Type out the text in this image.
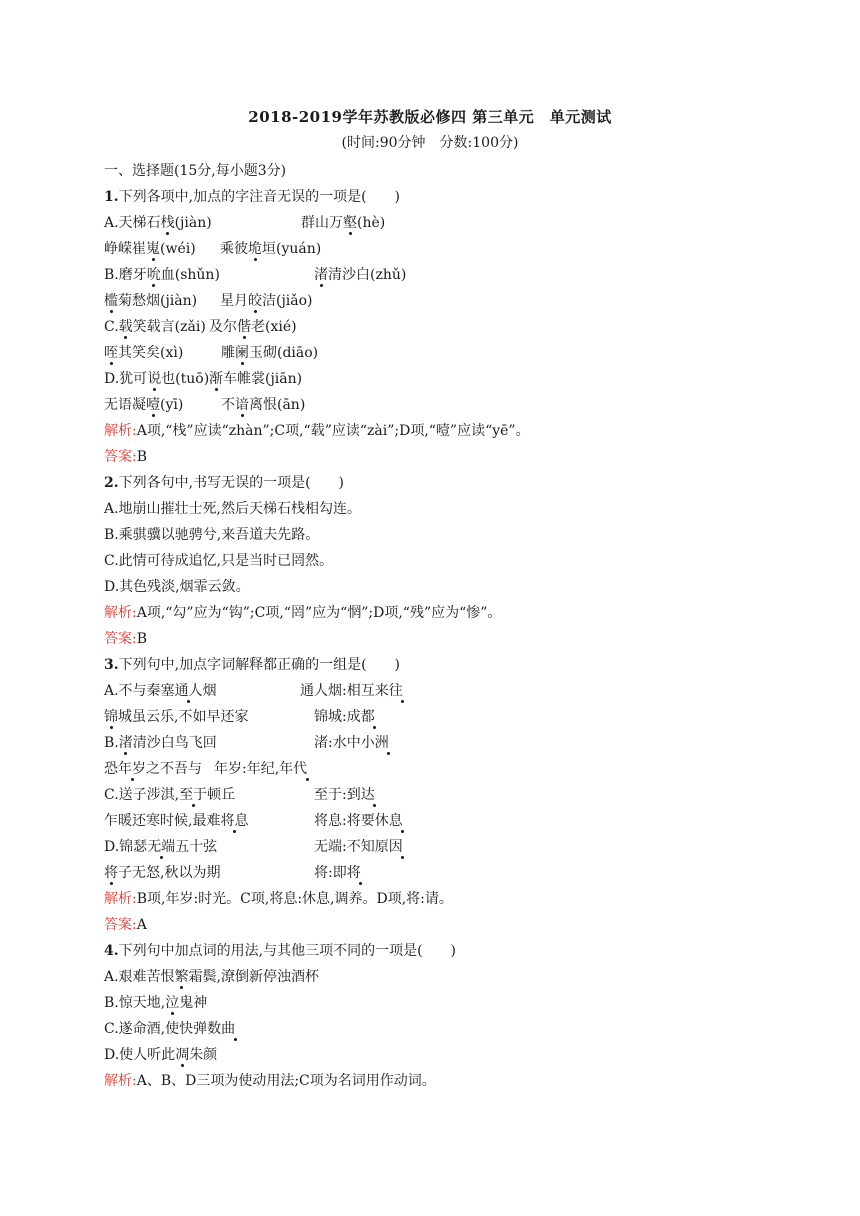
2018-2019学年苏教版必修四 第三单元　单元测试
(时间:90分钟　分数:100分)
一、选择题(15分,每小题3分)
1.下列各项中,加点的字注音无误的一项是(　　)
A.天梯石栈(jiàn)	群山万壑(hè)
峥嵘崔嵬(wéi) 乘彼垝垣(yuán)
B.磨牙吮血(shǔn)	渚清沙白(zhǔ)
槛菊愁烟(jiàn) 星月皎洁(jiǎo)
C.载笑载言(zǎi) 及尔偕老(xié)
咥其笑矣(xì)	雕阑玉砌(diāo)
D.犹可说也(tuō) 渐车帷裳(jiān)
无语凝噎(yī)	不谙离恨(ān)
解析:A项,“栈”应读“zhàn”;C项,“载”应读“zài”;D项,“噎”应读“yē”。
答案:B
2.下列各句中,书写无误的一项是(　　)
A.地崩山摧壮士死,然后天梯石栈相勾连。
B.乘骐骥以驰骋兮,来吾道夫先路。
C.此情可待成追忆,只是当时已罔然。
D.其色残淡,烟霏云敛。
解析:A项,“勾”应为“钩”;C项,“罔”应为“惘”;D项,“残”应为“惨”。
答案:B
3.下列句中,加点字词解释都正确的一组是(　　)
A.不与秦塞通人烟	通人烟:相互来往
锦城虽云乐,不如早还家	锦城:成都
B.渚清沙白鸟飞回	渚:水中小洲
恐年岁之不吾与 年岁:年纪,年代
C.送子涉淇,至于顿丘	至于:到达
乍暖还寒时候,最难将息	将息:将要休息
D.锦瑟无端五十弦	无端:不知原因
将子无怒,秋以为期	将:即将
解析:B项,年岁:时光。C项,将息:休息,调养。D项,将:请。
答案:A
4.下列句中加点词的用法,与其他三项不同的一项是(　　)
A.艰难苦恨繁霜鬓,潦倒新停浊酒杯
B.惊天地,泣鬼神
C.遂命酒,使快弹数曲
D.使人听此凋朱颜
解析:A、B、D三项为使动用法;C项为名词用作动词。
